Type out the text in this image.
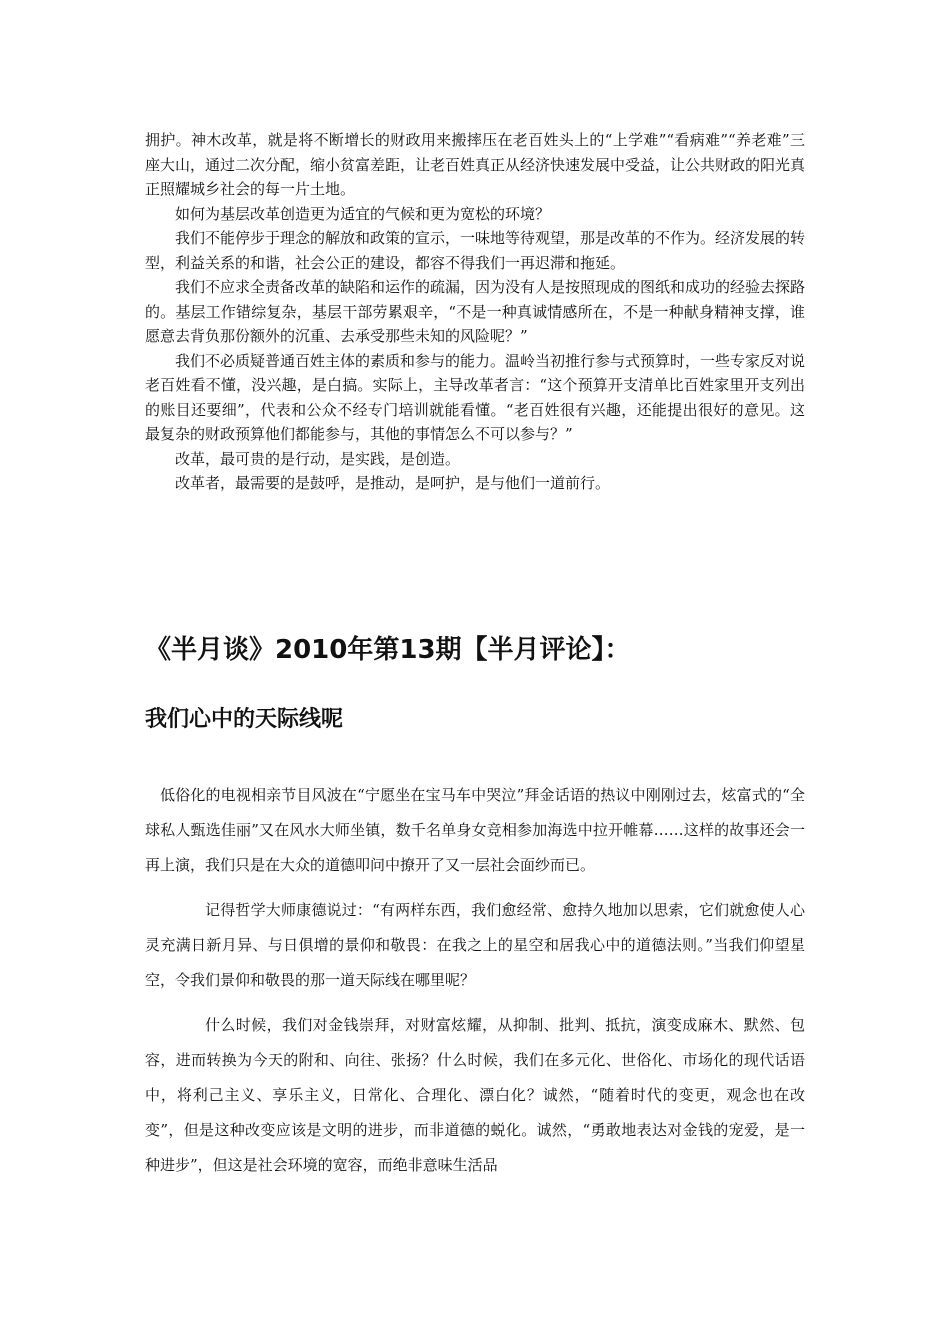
拥护。神木改革，就是将不断增长的财政用来搬摔压在老百姓头上的“上学难”“看病难”“养老难”三座大山，通过二次分配，缩小贫富差距，让老百姓真正从经济快速发展中受益，让公共财政的阳光真正照耀城乡社会的每一片土地。

如何为基层改革创造更为适宜的气候和更为宽松的环境？

我们不能停步于理念的解放和政策的宣示，一味地等待观望，那是改革的不作为。经济发展的转型，利益关系的和谐，社会公正的建设，都容不得我们一再迟滞和拖延。

我们不应求全责备改革的缺陷和运作的疏漏，因为没有人是按照现成的图纸和成功的经验去探路的。基层工作错综复杂，基层干部劳累艰辛，“不是一种真诚情感所在，不是一种献身精神支撑，谁愿意去背负那份额外的沉重、去承受那些未知的风险呢？”

我们不必质疑普通百姓主体的素质和参与的能力。温岭当初推行参与式预算时，一些专家反对说老百姓看不懂，没兴趣，是白搞。实际上，主导改革者言：“这个预算开支清单比百姓家里开支列出的账目还要细”，代表和公众不经专门培训就能看懂。“老百姓很有兴趣，还能提出很好的意见。这最复杂的财政预算他们都能参与，其他的事情怎么不可以参与？”

改革，最可贵的是行动，是实践，是创造。

改革者，最需要的是鼓呼，是推动，是呵护，是与他们一道前行。

《半月谈》2010年第13期【半月评论】：
我们心中的天际线呢

低俗化的电视相亲节目风波在“宁愿坐在宝马车中哭泣”拜金话语的热议中刚刚过去，炫富式的“全球私人甄选佳丽”又在风水大师坐镇，数千名单身女竞相参加海选中拉开帷幕……这样的故事还会一再上演，我们只是在大众的道德叩问中撩开了又一层社会面纱而已。

记得哲学大师康德说过：“有两样东西，我们愈经常、愈持久地加以思索，它们就愈使人心灵充满日新月异、与日俱增的景仰和敬畏：在我之上的星空和居我心中的道德法则。”当我们仰望星空，令我们景仰和敬畏的那一道天际线在哪里呢？

什么时候，我们对金钱崇拜，对财富炫耀，从抑制、批判、抵抗，演变成麻木、默然、包容，进而转换为今天的附和、向往、张扬？什么时候，我们在多元化、世俗化、市场化的现代话语中，将利己主义、享乐主义，日常化、合理化、漂白化？诚然，“随着时代的变更，观念也在改变”，但是这种改变应该是文明的进步，而非道德的蜕化。诚然，“勇敢地表达对金钱的宠爱，是一种进步”，但这是社会环境的宽容，而绝非意味生活品
